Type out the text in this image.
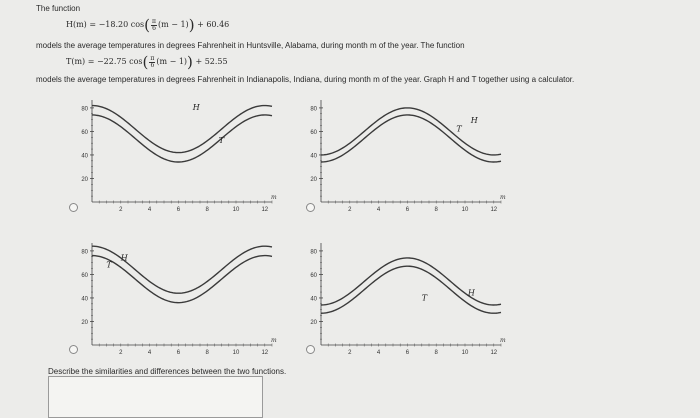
The function
H(m) = −18.20 $\cos( \frac{\pi}{6} (m - 1)) + 60.46$
models the average temperatures in degrees Fahrenheit in Huntsville, Alabama, during month m of the year. The function
T(m) = −22.75 $\cos( \frac{\pi}{6} (m - 1)) + 52.55$
models the average temperatures in degrees Fahrenheit in Indianapolis, Indiana, during month m of the year. Graph H and T together using a calculator.
80
60
40
20
2	4	6	8	10	12
m
H
T
80
60
40
20
2	4	6	8	10	12
m
H
T
80
60
40
20
2	4	6	8	10	12
m
H
T
80
60
40
20
2	4	6	8	10	12
m
H
T
Describe the similarities and differences between the two functions.
